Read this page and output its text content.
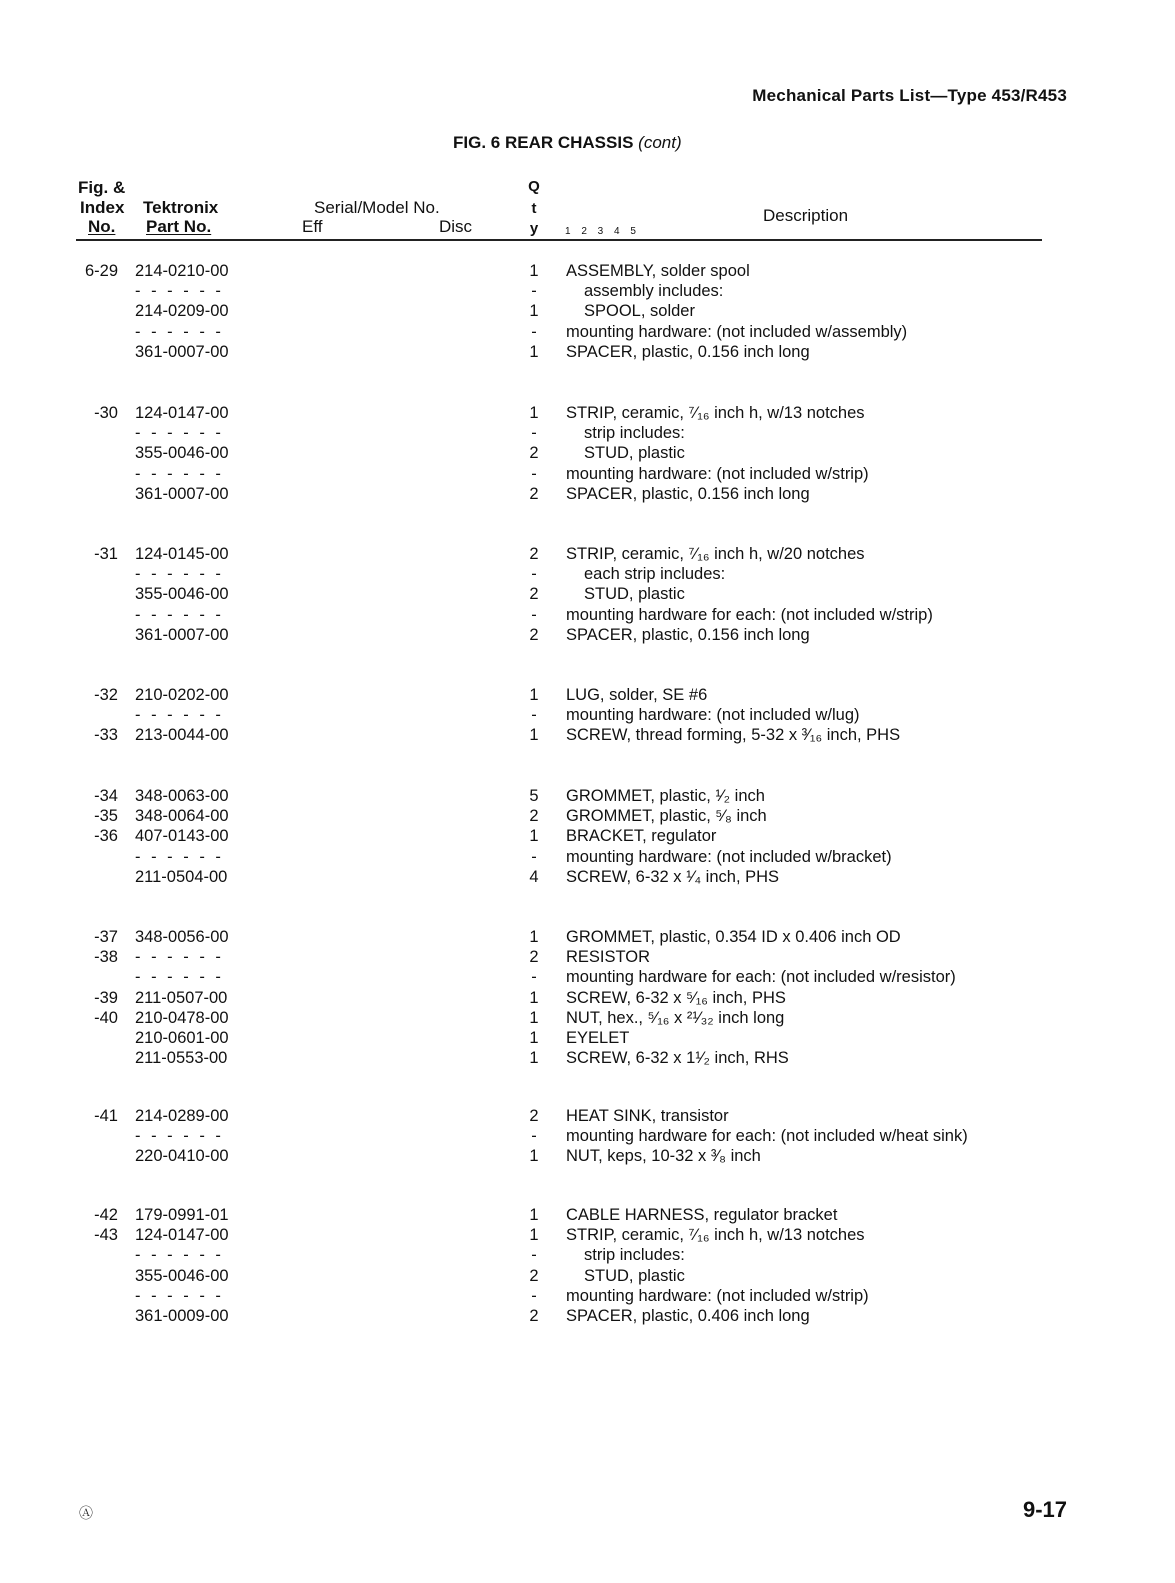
Mechanical Parts List—Type 453/R453
FIG. 6 REAR CHASSIS (cont)
Fig. &
Index
No.
Tektronix
Part No.
Serial/Model No.
Eff	Disc
Q
t
y	1 2 3 4 5
Description
6-29 214-0210-00	1 ASSEMBLY, solder spool
- - - - - -	-	assembly includes:
214-0209-00	1	SPOOL, solder
- - - - - -	-	mounting hardware: (not included w/assembly)
361-0007-00	1 SPACER, plastic, 0.156 inch long
-30 124-0147-00	1 STRIP, ceramic, ⁷⁄₁₆ inch h, w/13 notches
- - - - - -	-	strip includes:
355-0046-00	2	STUD, plastic
- - - - - -	-	mounting hardware: (not included w/strip)
361-0007-00	2 SPACER, plastic, 0.156 inch long
-31 124-0145-00	2 STRIP, ceramic, ⁷⁄₁₆ inch h, w/20 notches
- - - - - -	-	each strip includes:
355-0046-00	2	STUD, plastic
- - - - - -	-	mounting hardware for each: (not included w/strip)
361-0007-00	2 SPACER, plastic, 0.156 inch long
-32 210-0202-00	1 LUG, solder, SE #6
- - - - - -	-	mounting hardware: (not included w/lug)
-33 213-0044-00	1 SCREW, thread forming, 5-32 x ³⁄₁₆ inch, PHS
-34 348-0063-00	5 GROMMET, plastic, ¹⁄₂ inch
-35 348-0064-00	2 GROMMET, plastic, ⁵⁄₈ inch
-36 407-0143-00	1 BRACKET, regulator
- - - - - -	-	mounting hardware: (not included w/bracket)
211-0504-00	4 SCREW, 6-32 x ¹⁄₄ inch, PHS
-37 348-0056-00	1 GROMMET, plastic, 0.354 ID x 0.406 inch OD
-38 - - - - - -	2 RESISTOR
- - - - - -	-	mounting hardware for each: (not included w/resistor)
-39 211-0507-00	1 SCREW, 6-32 x ⁵⁄₁₆ inch, PHS
-40 210-0478-00	1 NUT, hex., ⁵⁄₁₆ x ²¹⁄₃₂ inch long
210-0601-00	1 EYELET
211-0553-00	1 SCREW, 6-32 x 1¹⁄₂ inch, RHS
-41 214-0289-00	2 HEAT SINK, transistor
- - - - - -	-	mounting hardware for each: (not included w/heat sink)
220-0410-00	1 NUT, keps, 10-32 x ³⁄₈ inch
-42 179-0991-01	1 CABLE HARNESS, regulator bracket
-43 124-0147-00	1 STRIP, ceramic, ⁷⁄₁₆ inch h, w/13 notches
- - - - - -	-	strip includes:
355-0046-00	2	STUD, plastic
- - - - - -	-	mounting hardware: (not included w/strip)
361-0009-00	2 SPACER, plastic, 0.406 inch long
Ⓐ	9-17
